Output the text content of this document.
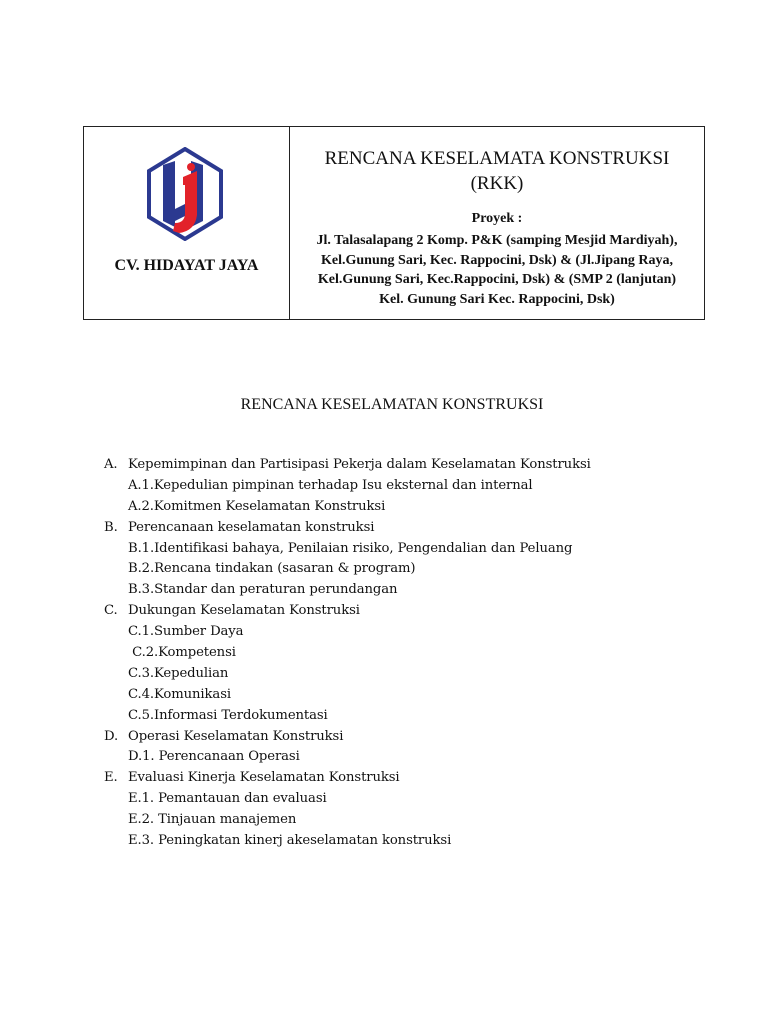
CV. HIDAYAT JAYA
RENCANA KESELAMATA KONSTRUKSI
(RKK)
Proyek :
Jl. Talasalapang 2 Komp. P&K (samping Mesjid Mardiyah),
Kel.Gunung Sari, Kec. Rappocini, Dsk) & (Jl.Jipang Raya,
Kel.Gunung Sari, Kec.Rappocini, Dsk) & (SMP 2 (lanjutan)
Kel. Gunung Sari Kec. Rappocini, Dsk)
RENCANA KESELAMATAN KONSTRUKSI
A. Kepemimpinan dan Partisipasi Pekerja dalam Keselamatan Konstruksi
A.1.Kepedulian pimpinan terhadap Isu eksternal dan internal
A.2.Komitmen Keselamatan Konstruksi
B. Perencanaan keselamatan konstruksi
B.1.Identifikasi bahaya, Penilaian risiko, Pengendalian dan Peluang
B.2.Rencana tindakan (sasaran & program)
B.3.Standar dan peraturan perundangan
C. Dukungan Keselamatan Konstruksi
C.1.Sumber Daya
C.2.Kompetensi
C.3.Kepedulian
C.4.Komunikasi
C.5.Informasi Terdokumentasi
D. Operasi Keselamatan Konstruksi
D.1. Perencanaan Operasi
E. Evaluasi Kinerja Keselamatan Konstruksi
E.1. Pemantauan dan evaluasi
E.2. Tinjauan manajemen
E.3. Peningkatan kinerj akeselamatan konstruksi
